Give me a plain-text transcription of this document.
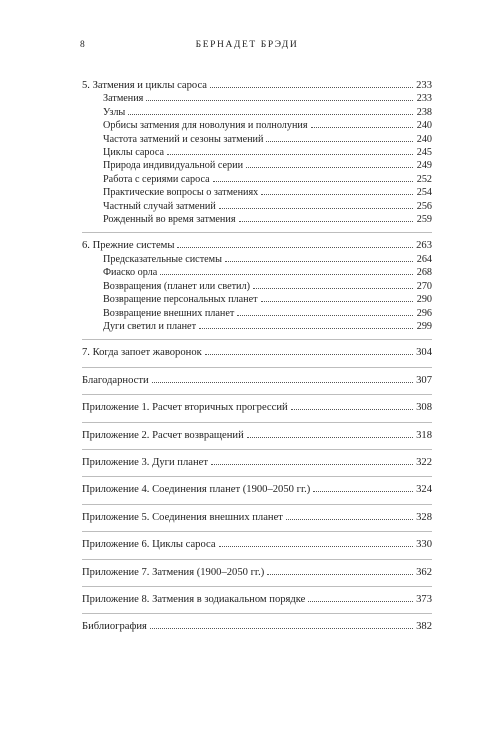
8	БЕРНАДЕТ БРЭДИ
5. Затмения и циклы сароса	233
Затмения	233
Узлы	238
Орбисы затмения для новолуния и полнолуния	240
Частота затмений и сезоны затмений	240
Циклы сароса	245
Природа индивидуальной серии	249
Работа с сериями сароса	252
Практические вопросы о затмениях	254
Частный случай затмений	256
Рожденный во время затмения	259
6. Прежние системы	263
Предсказательные системы	264
Фиаско орла	268
Возвращения (планет или светил)	270
Возвращение персональных планет	290
Возвращение внешних планет	296
Дуги светил и планет	299
7. Когда запоет жаворонок	304
Благодарности	307
Приложение 1. Расчет вторичных прогрессий	308
Приложение 2. Расчет возвращений	318
Приложение 3. Дуги планет	322
Приложение 4. Соединения планет (1900–2050 гг.)	324
Приложение 5. Соединения внешних планет	328
Приложение 6. Циклы сароса	330
Приложение 7. Затмения (1900–2050 гг.)	362
Приложение 8. Затмения в зодиакальном порядке	373
Библиография	382
